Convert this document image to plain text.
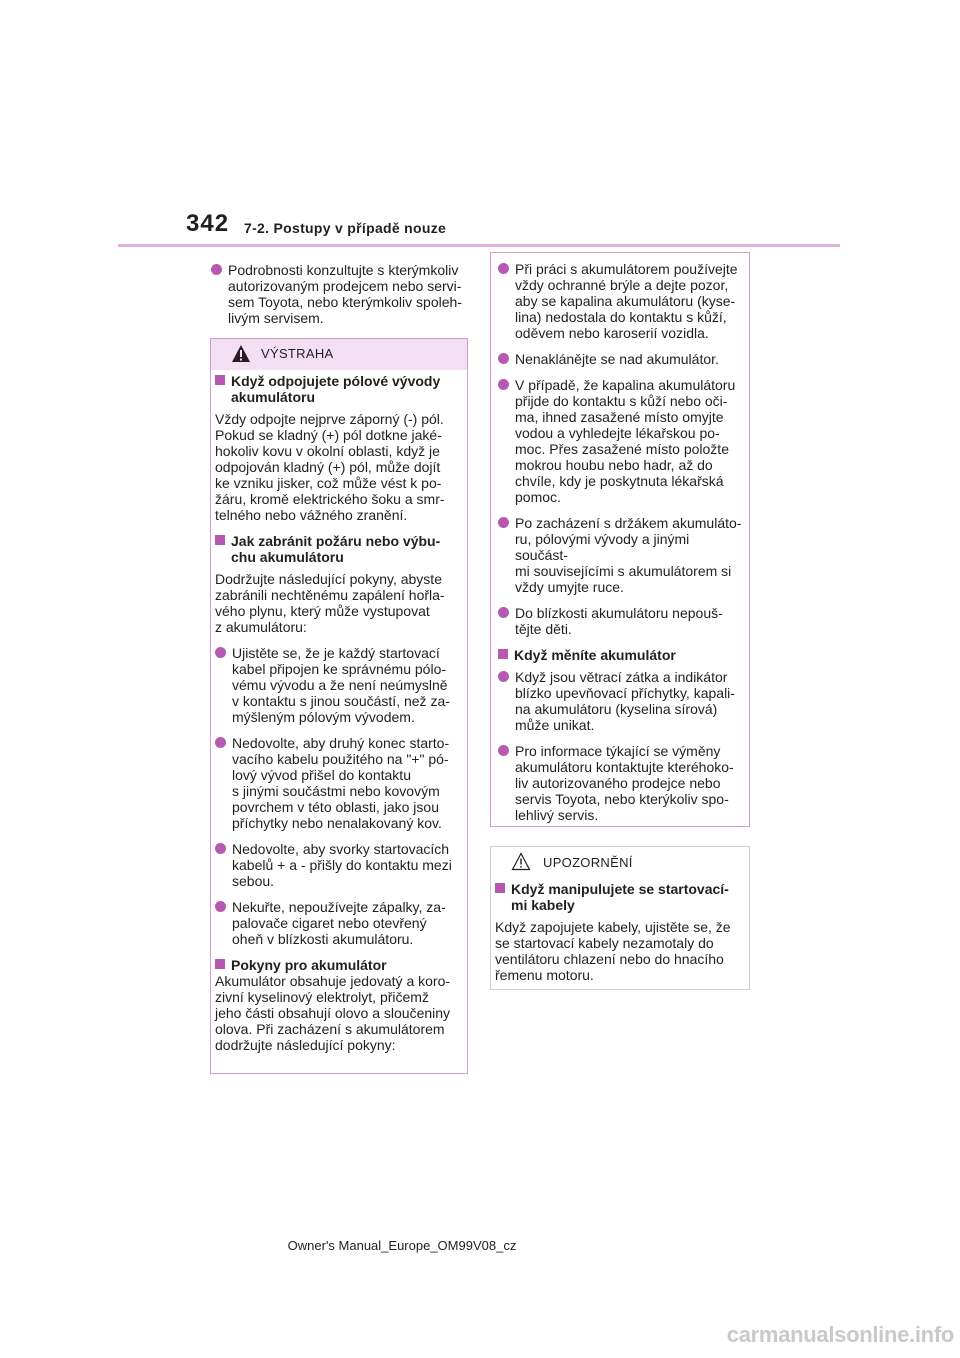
342 7-2. Postupy v případě nouze
Podrobnosti konzultujte s kterýmkoliv
autorizovaným prodejcem nebo servi-
sem Toyota, nebo kterýmkoliv spoleh-
livým servisem.
VÝSTRAHA
Když odpojujete pólové vývody
akumulátoru
Vždy odpojte nejprve záporný (-) pól.
Pokud se kladný (+) pól dotkne jaké-
hokoliv kovu v okolní oblasti, když je
odpojován kladný (+) pól, může dojít
ke vzniku jisker, což může vést k po-
žáru, kromě elektrického šoku a smr-
telného nebo vážného zranění.
Jak zabránit požáru nebo výbu-
chu akumulátoru
Dodržujte následující pokyny, abyste
zabránili nechtěnému zapálení hořla-
vého plynu, který může vystupovat
z akumulátoru:
Ujistěte se, že je každý startovací
kabel připojen ke správnému pólo-
vému vývodu a že není neúmyslně
v kontaktu s jinou součástí, než za-
mýšleným pólovým vývodem.
Nedovolte, aby druhý konec starto-
vacího kabelu použitého na "+" pó-
lový vývod přišel do kontaktu
s jinými součástmi nebo kovovým
povrchem v této oblasti, jako jsou
příchytky nebo nenalakovaný kov.
Nedovolte, aby svorky startovacích
kabelů + a - přišly do kontaktu mezi
sebou.
Nekuřte, nepoužívejte zápalky, za-
palovače cigaret nebo otevřený
oheň v blízkosti akumulátoru.
Pokyny pro akumulátor
Akumulátor obsahuje jedovatý a koro-
zivní kyselinový elektrolyt, přičemž
jeho části obsahují olovo a sloučeniny
olova. Při zacházení s akumulátorem
dodržujte následující pokyny:
Při práci s akumulátorem používejte
vždy ochranné brýle a dejte pozor,
aby se kapalina akumulátoru (kyse-
lina) nedostala do kontaktu s kůží,
oděvem nebo karoserií vozidla.
Nenaklánějte se nad akumulátor.
V případě, že kapalina akumulátoru
přijde do kontaktu s kůží nebo oči-
ma, ihned zasažené místo omyjte
vodou a vyhledejte lékařskou po-
moc. Přes zasažené místo položte
mokrou houbu nebo hadr, až do
chvíle, kdy je poskytnuta lékařská
pomoc.
Po zacházení s držákem akumuláto-
ru, pólovými vývody a jinými součást-
mi souvisejícími s akumulátorem si
vždy umyjte ruce.
Do blízkosti akumulátoru nepouš-
tějte děti.
Když měníte akumulátor
Když jsou větrací zátka a indikátor
blízko upevňovací příchytky, kapali-
na akumulátoru (kyselina sírová)
může unikat.
Pro informace týkající se výměny
akumulátoru kontaktujte kteréhoko-
liv autorizovaného prodejce nebo
servis Toyota, nebo kterýkoliv spo-
lehlivý servis.
UPOZORNĚNÍ
Když manipulujete se startovací-
mi kabely
Když zapojujete kabely, ujistěte se, že
se startovací kabely nezamotaly do
ventilátoru chlazení nebo do hnacího
řemenu motoru.
Owner's Manual_Europe_OM99V08_cz
carmanualsonline.info
